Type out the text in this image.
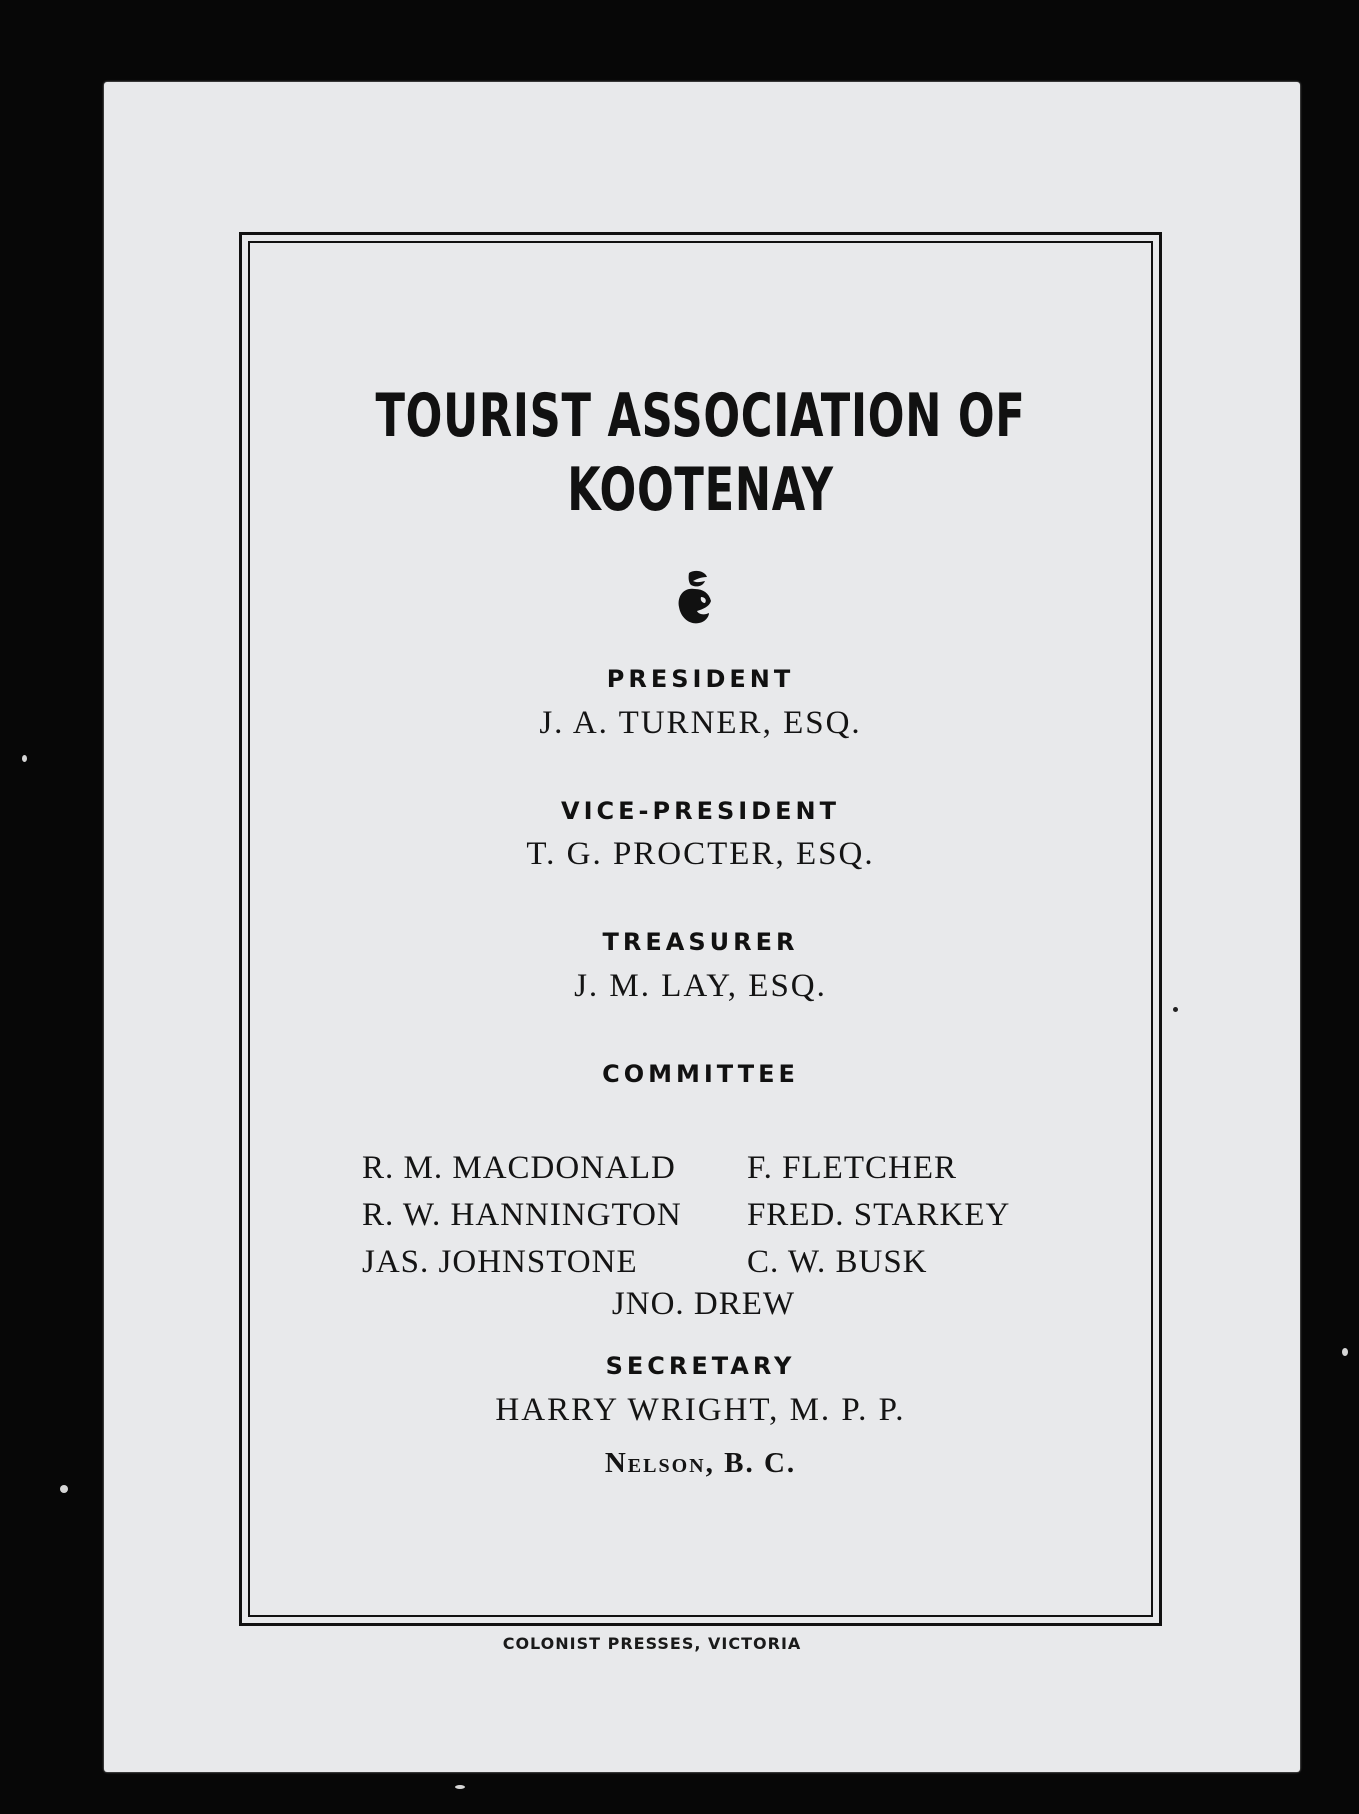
TOURIST ASSOCIATION OF
KOOTENAY
PRESIDENT
J. A. TURNER, ESQ.
VICE-PRESIDENT
T. G. PROCTER, ESQ.
TREASURER
J. M. LAY, ESQ.
COMMITTEE
R. M. MACDONALD	F. FLETCHER
R. W. HANNINGTON	FRED. STARKEY
JAS. JOHNSTONE	C. W. BUSK
JNO. DREW
SECRETARY
HARRY WRIGHT, M. P. P.
Nelson, B. C.
COLONIST PRESSES, VICTORIA
